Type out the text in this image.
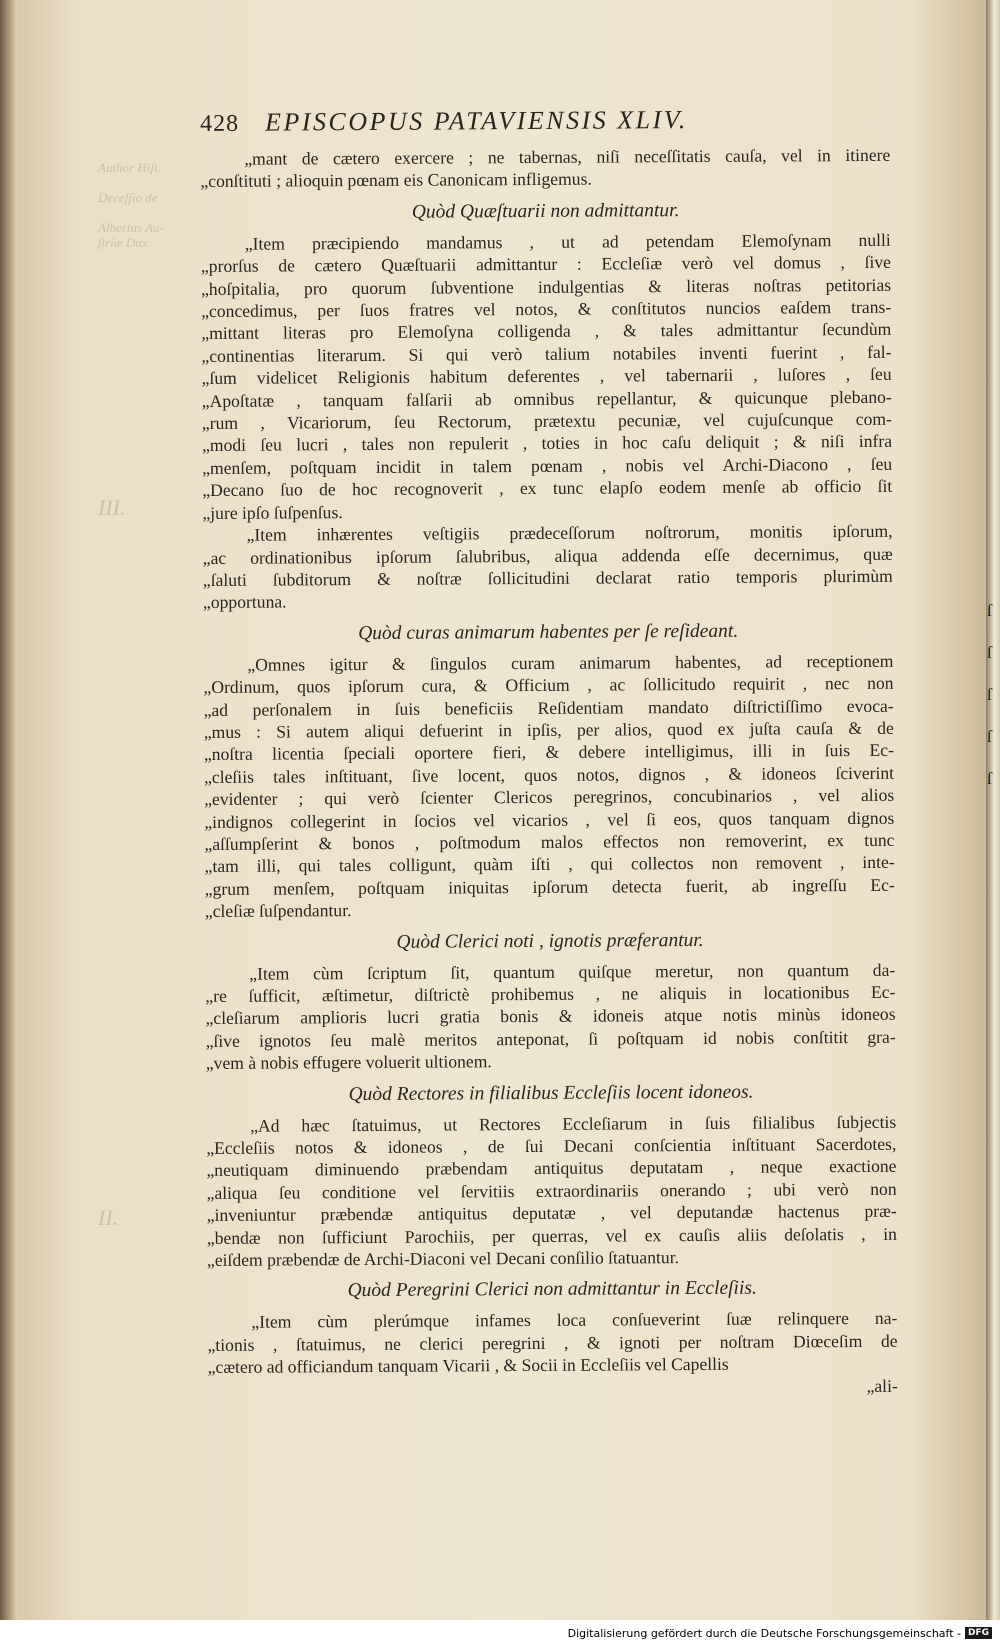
Author Hiſt.

Deceſſio de

Albertus Au-
ſtriæ Dux.
III.
II.
ſ
ſ
ſ
ſ
ſ
428 EPISCOPUS PATAVIENSIS XLIV.
„mant de cætero exercere ; ne tabernas, niſi neceſſitatis cauſa, vel in itinere
„conſtituti ; alioquin pœnam eis Canonicam infligemus.
Quòd Quæſtuarii non admittantur.
„Item præcipiendo mandamus , ut ad petendam Elemoſynam nulli
„prorſus de cætero Quæſtuarii admittantur : Eccleſiæ verò vel domus , ſive
„hoſpitalia, pro quorum ſubventione indulgentias & literas noſtras petitorias
„concedimus, per ſuos fratres vel notos, & conſtitutos nuncios eaſdem trans-
„mittant literas pro Elemoſyna colligenda , & tales admittantur ſecundùm
„continentias literarum. Si qui verò talium notabiles inventi fuerint , fal-
„ſum videlicet Religionis habitum deferentes , vel tabernarii , luſores , ſeu
„Apoſtatæ , tanquam falſarii ab omnibus repellantur, & quicunque plebano-
„rum , Vicariorum, ſeu Rectorum, prætextu pecuniæ, vel cujuſcunque com-
„modi ſeu lucri , tales non repulerit , toties in hoc caſu deliquit ; & niſi infra
„menſem, poſtquam incidit in talem pœnam , nobis vel Archi-Diacono , ſeu
„Decano ſuo de hoc recognoverit , ex tunc elapſo eodem menſe ab officio ſit
„jure ipſo ſuſpenſus.
„Item inhærentes veſtigiis prædeceſſorum noſtrorum, monitis ipſorum,
„ac ordinationibus ipſorum ſalubribus, aliqua addenda eſſe decernimus, quæ
„ſaluti ſubditorum & noſtræ ſollicitudini declarat ratio temporis plurimùm
„opportuna.
Quòd curas animarum habentes per ſe reſideant.
„Omnes igitur & ſingulos curam animarum habentes, ad receptionem
„Ordinum, quos ipſorum cura, & Officium , ac ſollicitudo requirit , nec non
„ad perſonalem in ſuis beneficiis Reſidentiam mandato diſtrictiſſimo evoca-
„mus : Si autem aliqui defuerint in ipſis, per alios, quod ex juſta cauſa & de
„noſtra licentia ſpeciali oportere fieri, & debere intelligimus, illi in ſuis Ec-
„cleſiis tales inſtituant, ſive locent, quos notos, dignos , & idoneos ſciverint
„evidenter ; qui verò ſcienter Clericos peregrinos, concubinarios , vel alios
„indignos collegerint in ſocios vel vicarios , vel ſi eos, quos tanquam dignos
„aſſumpſerint & bonos , poſtmodum malos effectos non removerint, ex tunc
„tam illi, qui tales colligunt, quàm iſti , qui collectos non removent , inte-
„grum menſem, poſtquam iniquitas ipſorum detecta fuerit, ab ingreſſu Ec-
„cleſiæ ſuſpendantur.
Quòd Clerici noti , ignotis præferantur.
„Item cùm ſcriptum ſit, quantum quiſque meretur, non quantum da-
„re ſufficit, æſtimetur, diſtrictè prohibemus , ne aliquis in locationibus Ec-
„cleſiarum amplioris lucri gratia bonis & idoneis atque notis minùs idoneos
„ſive ignotos ſeu malè meritos anteponat, ſi poſtquam id nobis conſtitit gra-
„vem à nobis effugere voluerit ultionem.
Quòd Rectores in filialibus Eccleſiis locent idoneos.
„Ad hæc ſtatuimus, ut Rectores Eccleſiarum in ſuis filialibus ſubjectis
„Eccleſiis notos & idoneos , de ſui Decani conſcientia inſtituant Sacerdotes,
„neutiquam diminuendo præbendam antiquitus deputatam , neque exactione
„aliqua ſeu conditione vel ſervitiis extraordinariis onerando ; ubi verò non
„inveniuntur præbendæ antiquitus deputatæ , vel deputandæ hactenus præ-
„bendæ non ſufficiunt Parochiis, per querras, vel ex cauſis aliis deſolatis , in
„eiſdem præbendæ de Archi-Diaconi vel Decani conſilio ſtatuantur.
Quòd Peregrini Clerici non admittantur in Eccleſiis.
„Item cùm plerúmque infames loca conſueverint ſuæ relinquere na-
„tionis , ſtatuimus, ne clerici peregrini , & ignoti per noſtram Diœceſim de
„cætero ad officiandum tanquam Vicarii , & Socii in Eccleſiis vel Capellis
„ali-
Digitalisierung gefördert durch die Deutsche Forschungsgemeinschaft - DFG
